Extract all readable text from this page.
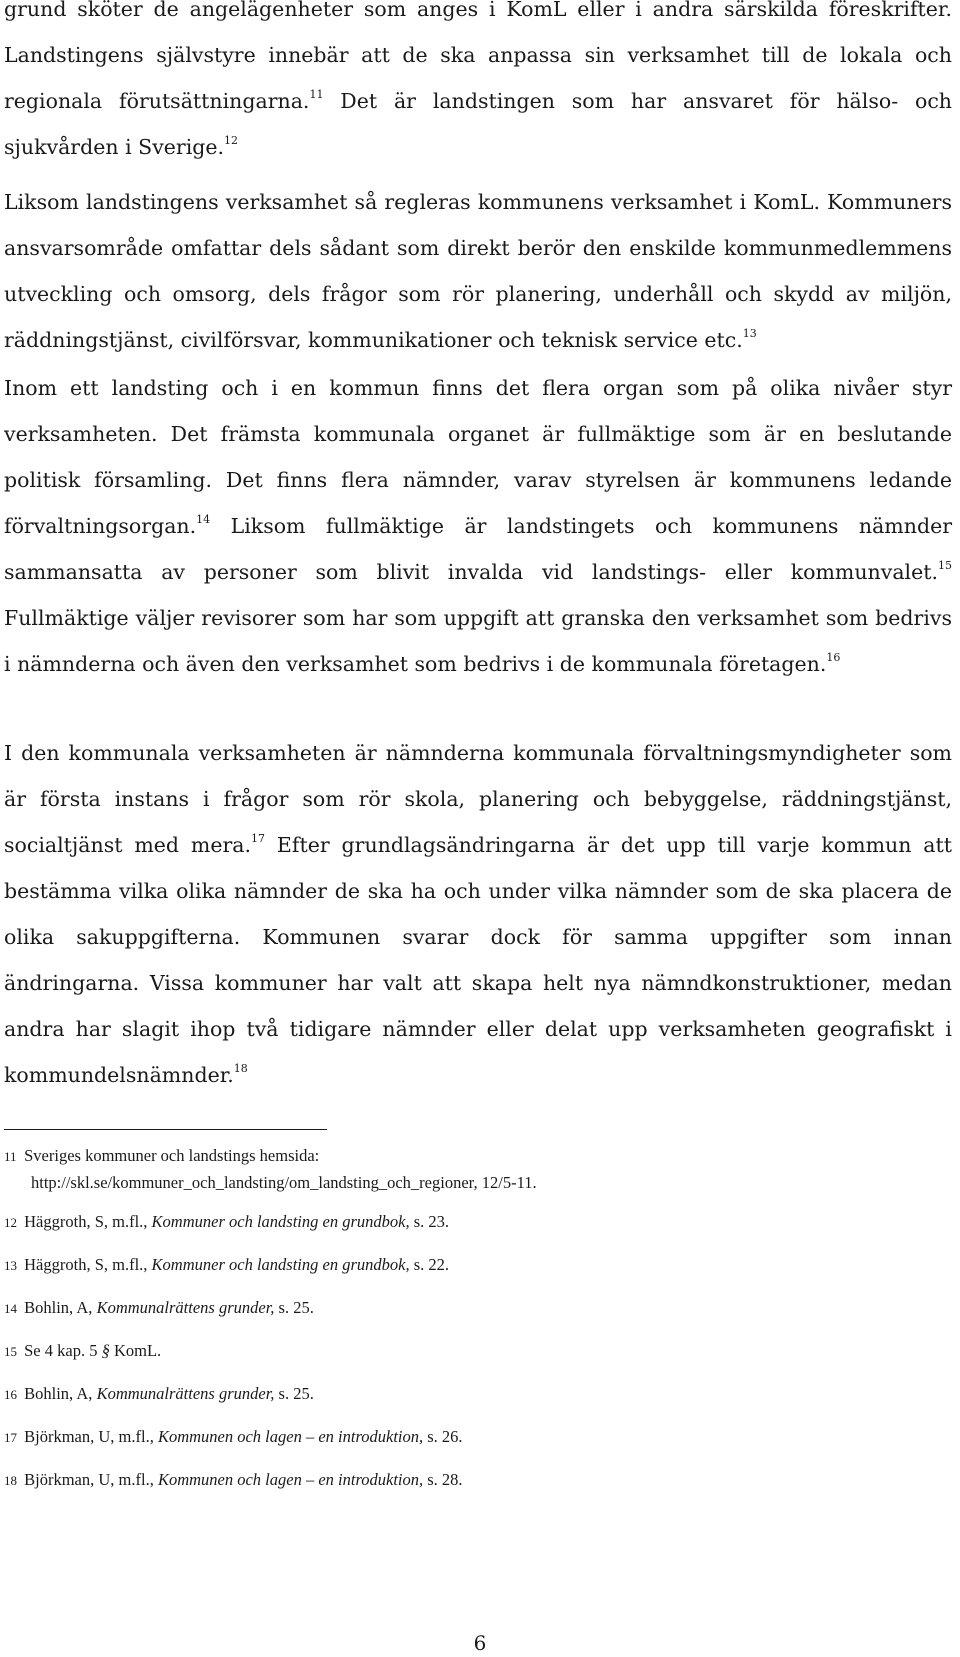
grund sköter de angelägenheter som anges i KomL eller i andra särskilda föreskrifter. Landstingens självstyre innebär att de ska anpassa sin verksamhet till de lokala och regionala förutsättningarna.$^{11}$ Det är landstingen som har ansvaret för hälso- och sjukvården i Sverige.$^{12}$

Liksom landstingens verksamhet så regleras kommunens verksamhet i KomL. Kommuners ansvarsområde omfattar dels sådant som direkt berör den enskilde kommunmedlemmens utveckling och omsorg, dels frågor som rör planering, underhåll och skydd av miljön, räddningstjänst, civilförsvar, kommunikationer och teknisk service etc.$^{13}$

Inom ett landsting och i en kommun finns det flera organ som på olika nivåer styr verksamheten. Det främsta kommunala organet är fullmäktige som är en beslutande politisk församling. Det finns flera nämnder, varav styrelsen är kommunens ledande förvaltningsorgan.$^{14}$ Liksom fullmäktige är landstingets och kommunens nämnder sammansatta av personer som blivit invalda vid landstings- eller kommunvalet.$^{15}$ Fullmäktige väljer revisorer som har som uppgift att granska den verksamhet som bedrivs i nämnderna och även den verksamhet som bedrivs i de kommunala företagen.$^{16}$

I den kommunala verksamheten är nämnderna kommunala förvaltningsmyndigheter som är första instans i frågor som rör skola, planering och bebyggelse, räddningstjänst, socialtjänst med mera.$^{17}$ Efter grundlagsändringarna är det upp till varje kommun att bestämma vilka olika nämnder de ska ha och under vilka nämnder som de ska placera de olika sakuppgifterna. Kommunen svarar dock för samma uppgifter som innan ändringarna. Vissa kommuner har valt att skapa helt nya nämndkonstruktioner, medan andra har slagit ihop två tidigare nämnder eller delat upp verksamheten geografiskt i kommundelsnämnder.$^{18}$

11 Sveriges kommuner och landstings hemsida:
http://skl.se/kommuner_och_landsting/om_landsting_och_regioner, 12/5-11.
12 Häggroth, S, m.fl., Kommuner och landsting en grundbok, s. 23.
13 Häggroth, S, m.fl., Kommuner och landsting en grundbok, s. 22.
14 Bohlin, A, Kommunalrättens grunder, s. 25.
15 Se 4 kap. 5 § KomL.
16 Bohlin, A, Kommunalrättens grunder, s. 25.
17 Björkman, U, m.fl., Kommunen och lagen – en introduktion, s. 26.
18 Björkman, U, m.fl., Kommunen och lagen – en introduktion, s. 28.
6
